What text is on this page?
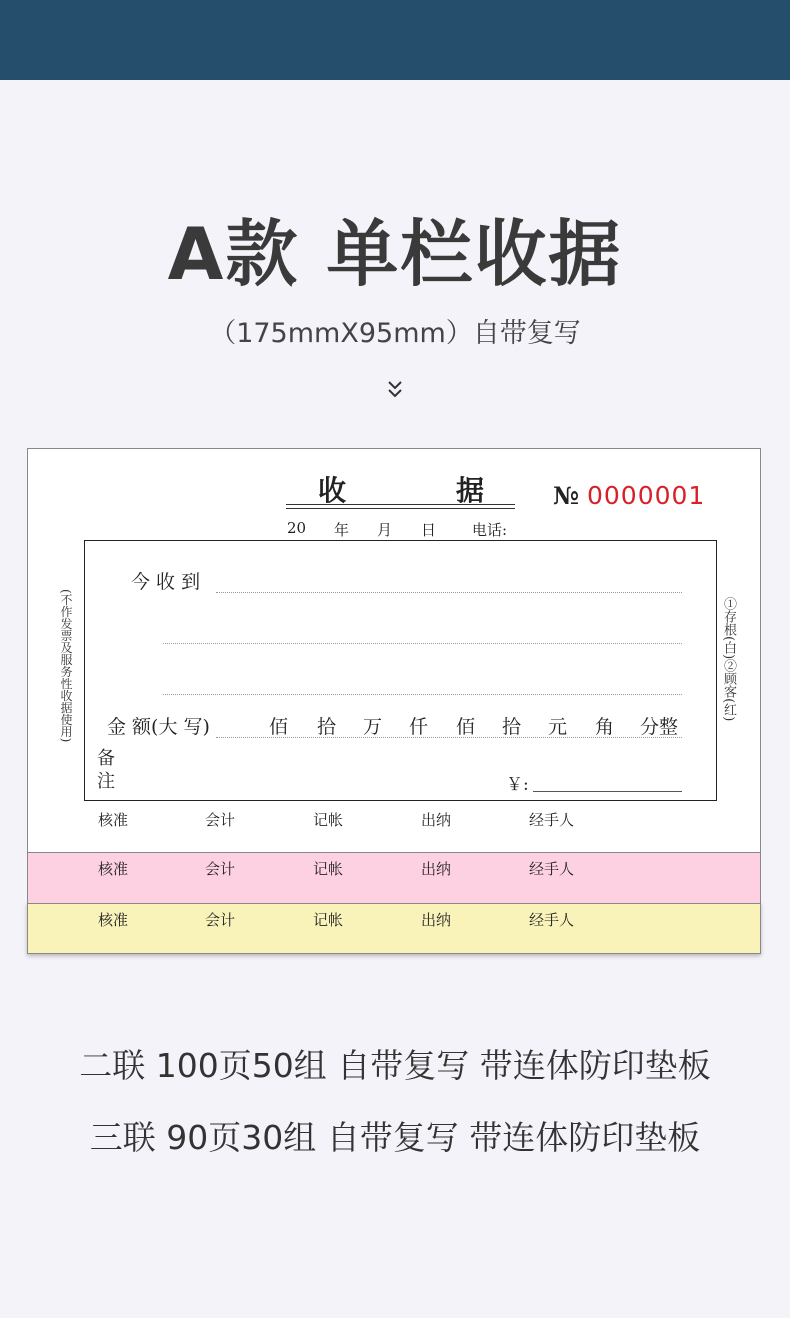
A款 单栏收据
（175mmX95mm）自带复写
核准	会计	记帐	出纳	经手人
核准	会计	记帐	出纳	经手人
收	据	№ 0000001
20 年 月 日 电话:
(不作发票及服务性收据使用)	①存根(白)②顾客(红)
今 收 到
金 额(大 写)	佰 拾 万 仟 佰 拾 元 角 分整
备
注	￥:
核准	会计	记帐	出纳	经手人
二联 100页50组 自带复写 带连体防印垫板
三联 90页30组 自带复写 带连体防印垫板
